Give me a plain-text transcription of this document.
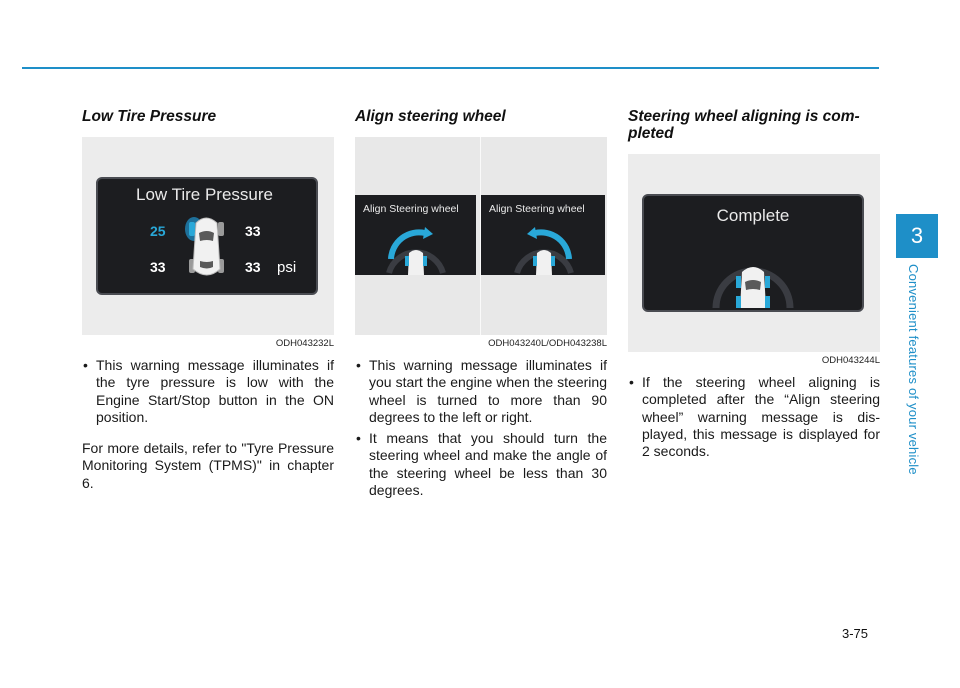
Low Tire Pressure
Low Tire Pressure
25	33
33	33 psi
ODH043232L
• This warning message illuminates if the tyre pressure is low with the Engine Start/Stop button in the ON position.
For more details, refer to "Tyre Pressure Monitoring System (TPMS)" in chapter 6.
Align steering wheel
Align Steering wheel	Align Steering wheel
ODH043240L/ODH043238L
• This warning message illuminates if you start the engine when the steering wheel is turned to more than 90 degrees to the left or right.
• It means that you should turn the steering wheel and make the angle of the steering wheel be less than 30 degrees.
Steering wheel aligning is com-pleted
Complete
ODH043244L
• If the steering wheel aligning is completed after the “Align steering wheel” warning message is dis-played, this message is displayed for 2 seconds.
3
Convenient features of your vehicle
3-75
